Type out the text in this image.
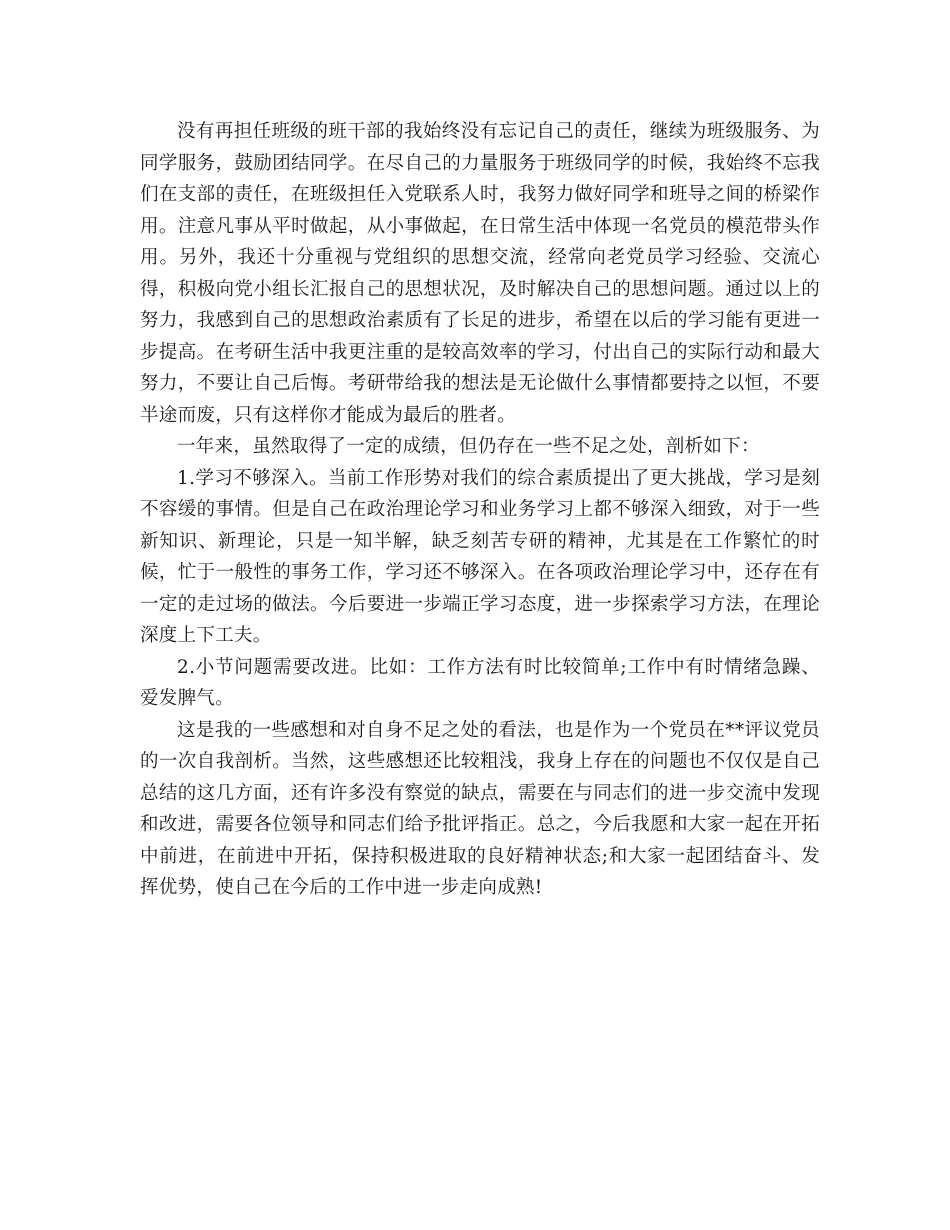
没有再担任班级的班干部的我始终没有忘记自己的责任，继续为班级服务、为同学服务，鼓励团结同学。在尽自己的力量服务于班级同学的时候，我始终不忘我们在支部的责任，在班级担任入党联系人时，我努力做好同学和班导之间的桥梁作用。注意凡事从平时做起，从小事做起，在日常生活中体现一名党员的模范带头作用。另外，我还十分重视与党组织的思想交流，经常向老党员学习经验、交流心得，积极向党小组长汇报自己的思想状况，及时解决自己的思想问题。通过以上的努力，我感到自己的思想政治素质有了长足的进步，希望在以后的学习能有更进一步提高。在考研生活中我更注重的是较高效率的学习，付出自己的实际行动和最大努力，不要让自己后悔。考研带给我的想法是无论做什么事情都要持之以恒，不要半途而废，只有这样你才能成为最后的胜者。

一年来，虽然取得了一定的成绩，但仍存在一些不足之处，剖析如下：

1.学习不够深入。当前工作形势对我们的综合素质提出了更大挑战，学习是刻不容缓的事情。但是自己在政治理论学习和业务学习上都不够深入细致，对于一些新知识、新理论，只是一知半解，缺乏刻苦专研的精神，尤其是在工作繁忙的时候，忙于一般性的事务工作，学习还不够深入。在各项政治理论学习中，还存在有一定的走过场的做法。今后要进一步端正学习态度，进一步探索学习方法，在理论深度上下工夫。

2.小节问题需要改进。比如：工作方法有时比较简单;工作中有时情绪急躁、爱发脾气。

这是我的一些感想和对自身不足之处的看法，也是作为一个党员在**评议党员的一次自我剖析。当然，这些感想还比较粗浅，我身上存在的问题也不仅仅是自己总结的这几方面，还有许多没有察觉的缺点，需要在与同志们的进一步交流中发现和改进，需要各位领导和同志们给予批评指正。总之，今后我愿和大家一起在开拓中前进，在前进中开拓，保持积极进取的良好精神状态;和大家一起团结奋斗、发挥优势，使自己在今后的工作中进一步走向成熟!
